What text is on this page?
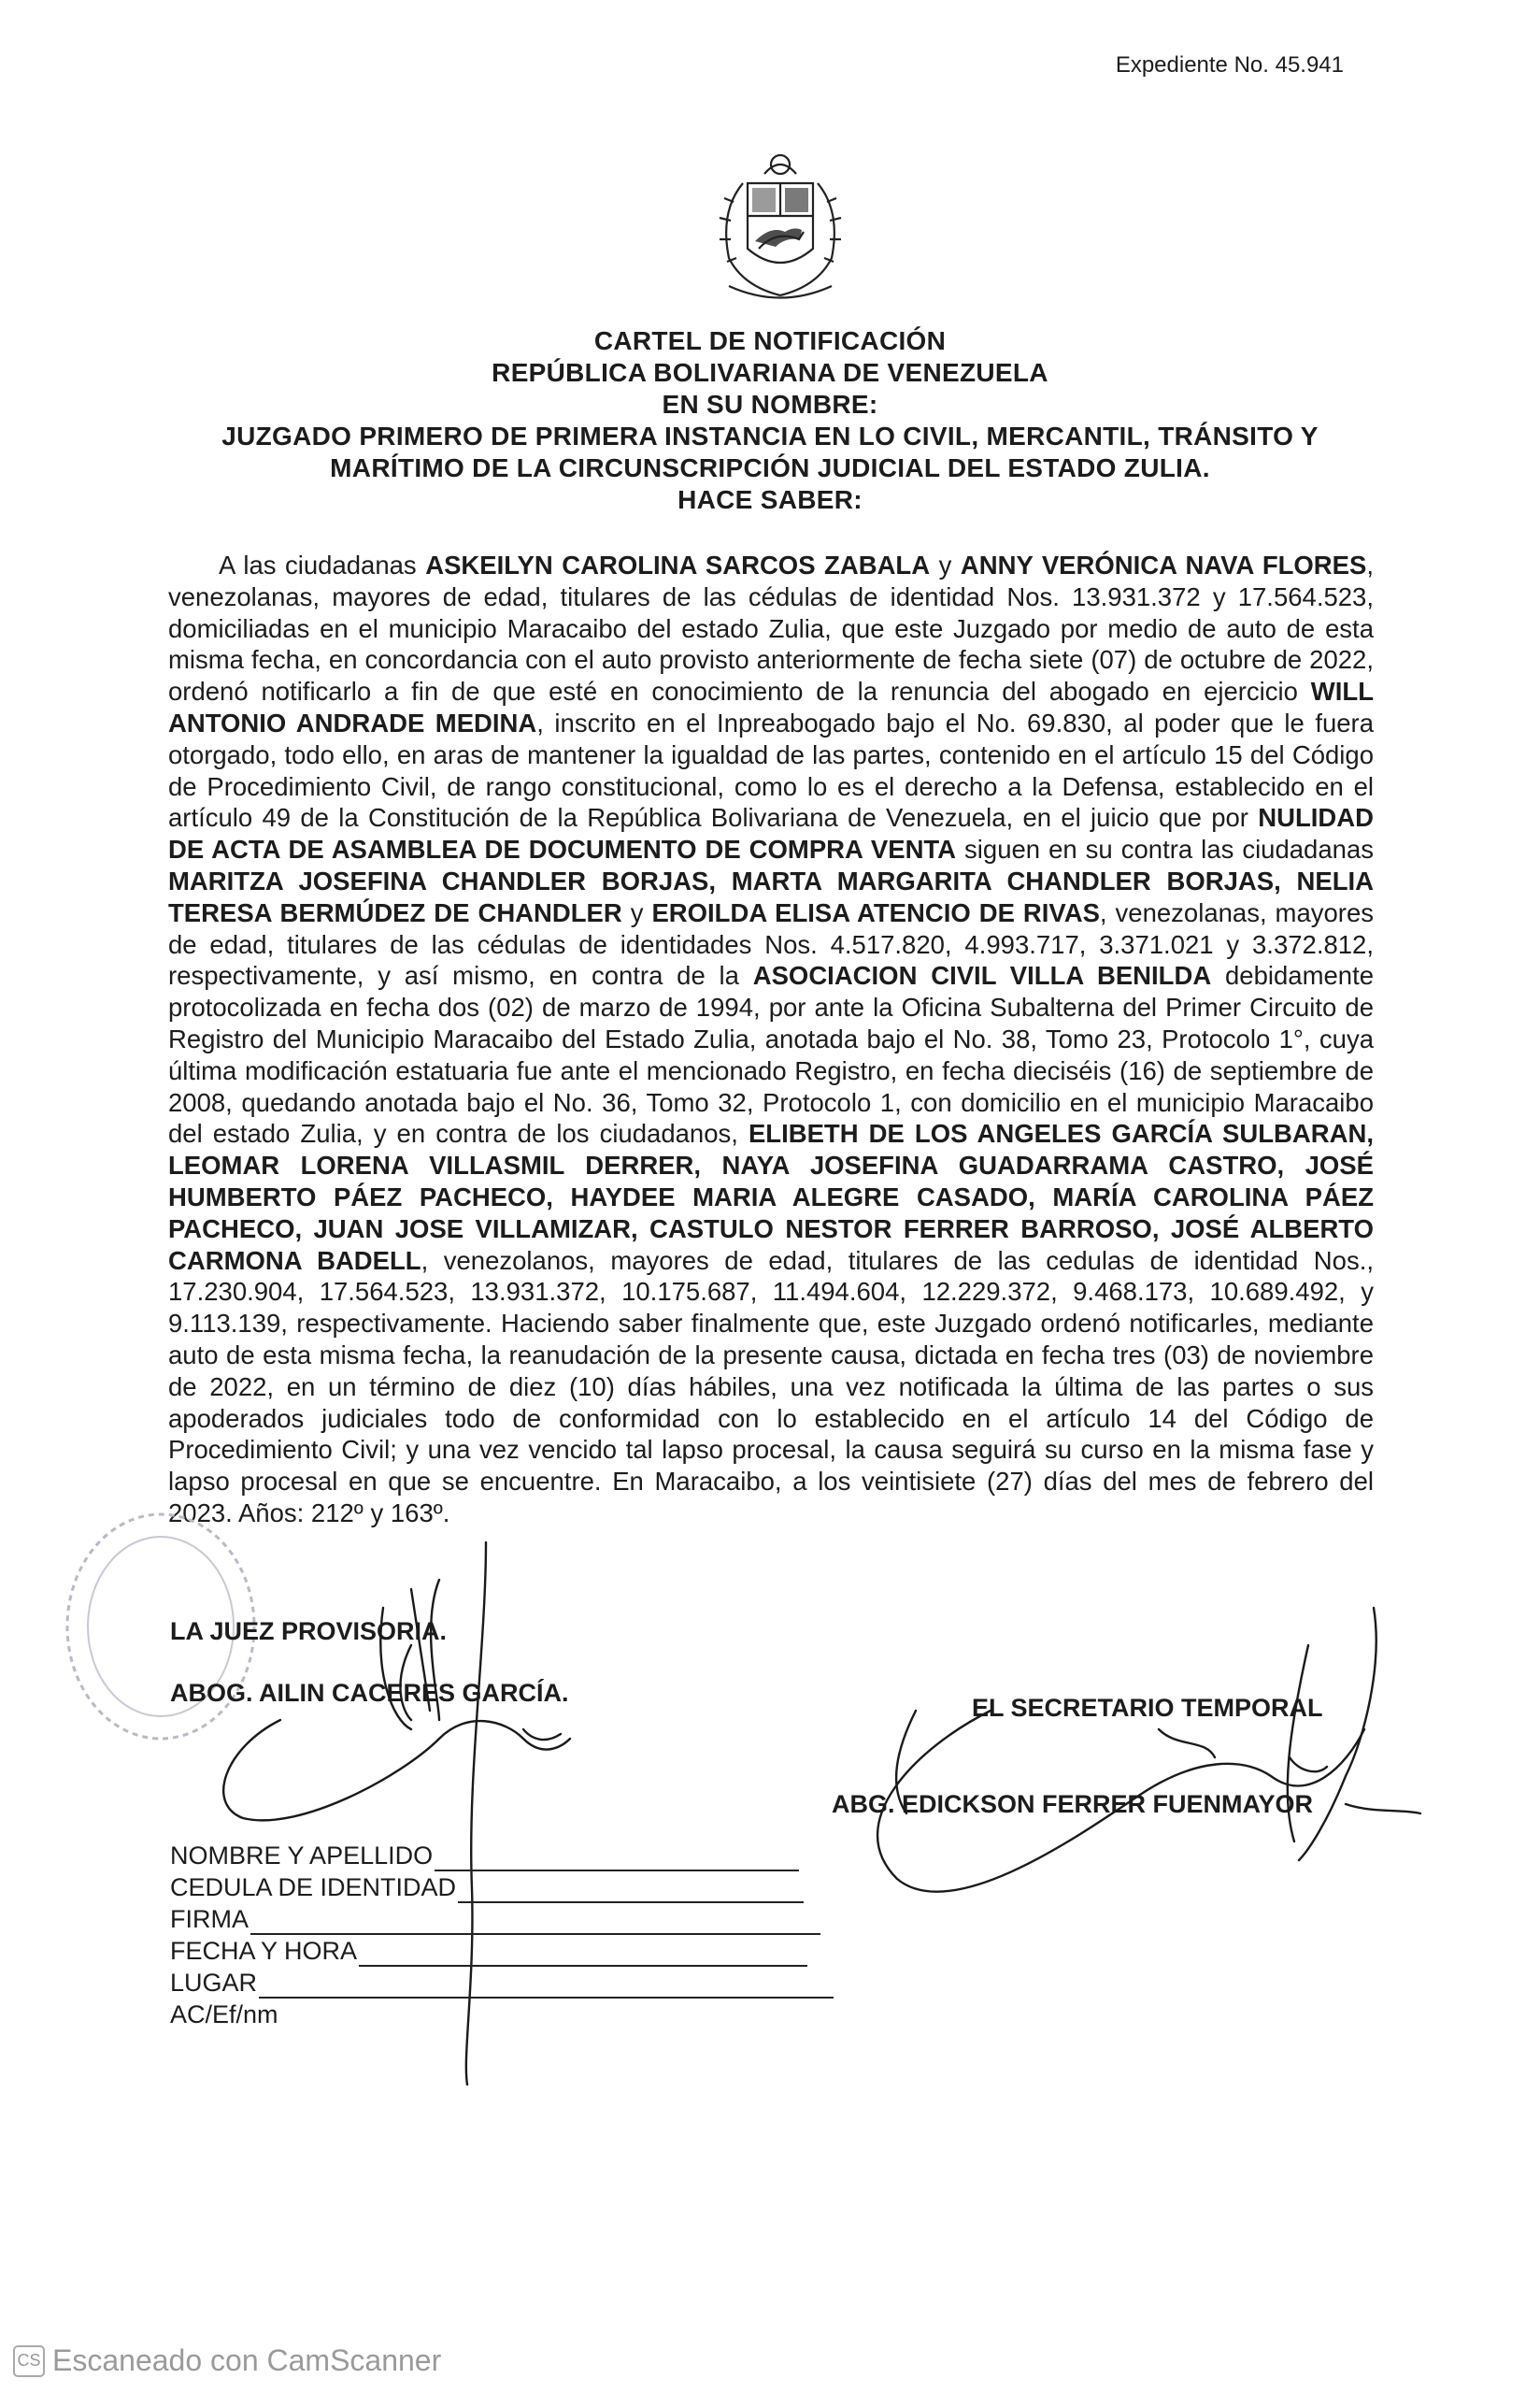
Expediente No. 45.941
CARTEL DE NOTIFICACIÓN
REPÚBLICA BOLIVARIANA DE VENEZUELA
EN SU NOMBRE:
JUZGADO PRIMERO DE PRIMERA INSTANCIA EN LO CIVIL, MERCANTIL, TRÁNSITO Y
MARÍTIMO DE LA CIRCUNSCRIPCIÓN JUDICIAL DEL ESTADO ZULIA.
HACE SABER:

A las ciudadanas ASKEILYN CAROLINA SARCOS ZABALA y ANNY VERÓNICA NAVA FLORES, venezolanas, mayores de edad, titulares de las cédulas de identidad Nos. 13.931.372 y 17.564.523, domiciliadas en el municipio Maracaibo del estado Zulia, que este Juzgado por medio de auto de esta misma fecha, en concordancia con el auto provisto anteriormente de fecha siete (07) de octubre de 2022, ordenó notificarlo a fin de que esté en conocimiento de la renuncia del abogado en ejercicio WILL ANTONIO ANDRADE MEDINA, inscrito en el Inpreabogado bajo el No. 69.830, al poder que le fuera otorgado, todo ello, en aras de mantener la igualdad de las partes, contenido en el artículo 15 del Código de Procedimiento Civil, de rango constitucional, como lo es el derecho a la Defensa, establecido en el artículo 49 de la Constitución de la República Bolivariana de Venezuela, en el juicio que por NULIDAD DE ACTA DE ASAMBLEA DE DOCUMENTO DE COMPRA VENTA siguen en su contra las ciudadanas MARITZA JOSEFINA CHANDLER BORJAS, MARTA MARGARITA CHANDLER BORJAS, NELIA TERESA BERMÚDEZ DE CHANDLER y EROILDA ELISA ATENCIO DE RIVAS, venezolanas, mayores de edad, titulares de las cédulas de identidades Nos. 4.517.820, 4.993.717, 3.371.021 y 3.372.812, respectivamente, y así mismo, en contra de la ASOCIACION CIVIL VILLA BENILDA debidamente protocolizada en fecha dos (02) de marzo de 1994, por ante la Oficina Subalterna del Primer Circuito de Registro del Municipio Maracaibo del Estado Zulia, anotada bajo el No. 38, Tomo 23, Protocolo 1°, cuya última modificación estatuaria fue ante el mencionado Registro, en fecha dieciséis (16) de septiembre de 2008, quedando anotada bajo el No. 36, Tomo 32, Protocolo 1, con domicilio en el municipio Maracaibo del estado Zulia, y en contra de los ciudadanos, ELIBETH DE LOS ANGELES GARCÍA SULBARAN, LEOMAR LORENA VILLASMIL DERRER, NAYA JOSEFINA GUADARRAMA CASTRO, JOSÉ HUMBERTO PÁEZ PACHECO, HAYDEE MARIA ALEGRE CASADO, MARÍA CAROLINA PÁEZ PACHECO, JUAN JOSE VILLAMIZAR, CASTULO NESTOR FERRER BARROSO, JOSÉ ALBERTO CARMONA BADELL, venezolanos, mayores de edad, titulares de las cedulas de identidad Nos., 17.230.904, 17.564.523, 13.931.372, 10.175.687, 11.494.604, 12.229.372, 9.468.173, 10.689.492, y 9.113.139, respectivamente. Haciendo saber finalmente que, este Juzgado ordenó notificarles, mediante auto de esta misma fecha, la reanudación de la presente causa, dictada en fecha tres (03) de noviembre de 2022, en un término de diez (10) días hábiles, una vez notificada la última de las partes o sus apoderados judiciales todo de conformidad con lo establecido en el artículo 14 del Código de Procedimiento Civil; y una vez vencido tal lapso procesal, la causa seguirá su curso en la misma fase y lapso procesal en que se encuentre. En Maracaibo, a los veintisiete (27) días del mes de febrero del 2023. Años: 212º y 163º.

LA JUEZ PROVISORIA.
ABOG. AILIN CACERES GARCÍA.
EL SECRETARIO TEMPORAL
ABG. EDICKSON FERRER FUENMAYOR
NOMBRE Y APELLIDO
CEDULA DE IDENTIDAD
FIRMA
FECHA Y HORA
LUGAR
AC/Ef/nm
CS Escaneado con CamScanner
